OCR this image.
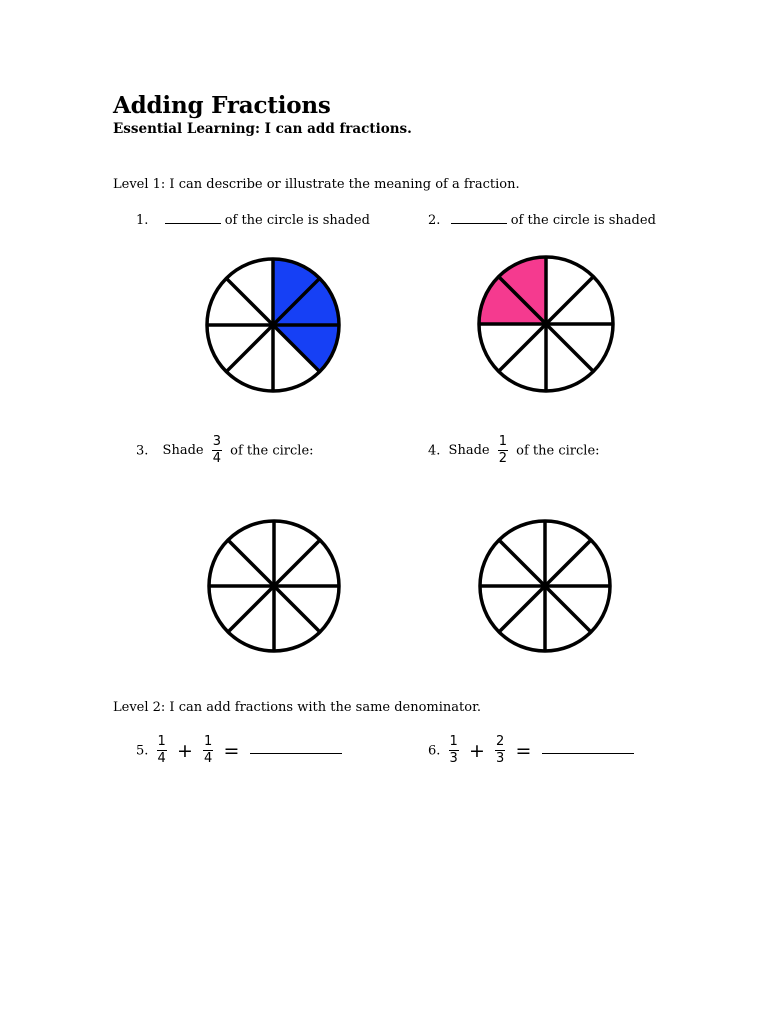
Adding Fractions
Essential Learning: I can add fractions.
Level 1: I can describe or illustrate the meaning of a fraction.
1.	of the circle is shaded	2.	of the circle is shaded
3. Shade $\frac{3}{4}$ of the circle:	4. Shade $\frac{1}{2}$ of the circle:
Level 2: I can add fractions with the same denominator.
5. $\frac{1}{4} + \frac{1}{4}$ =	6. $\frac{1}{3} + \frac{2}{3}$ =
